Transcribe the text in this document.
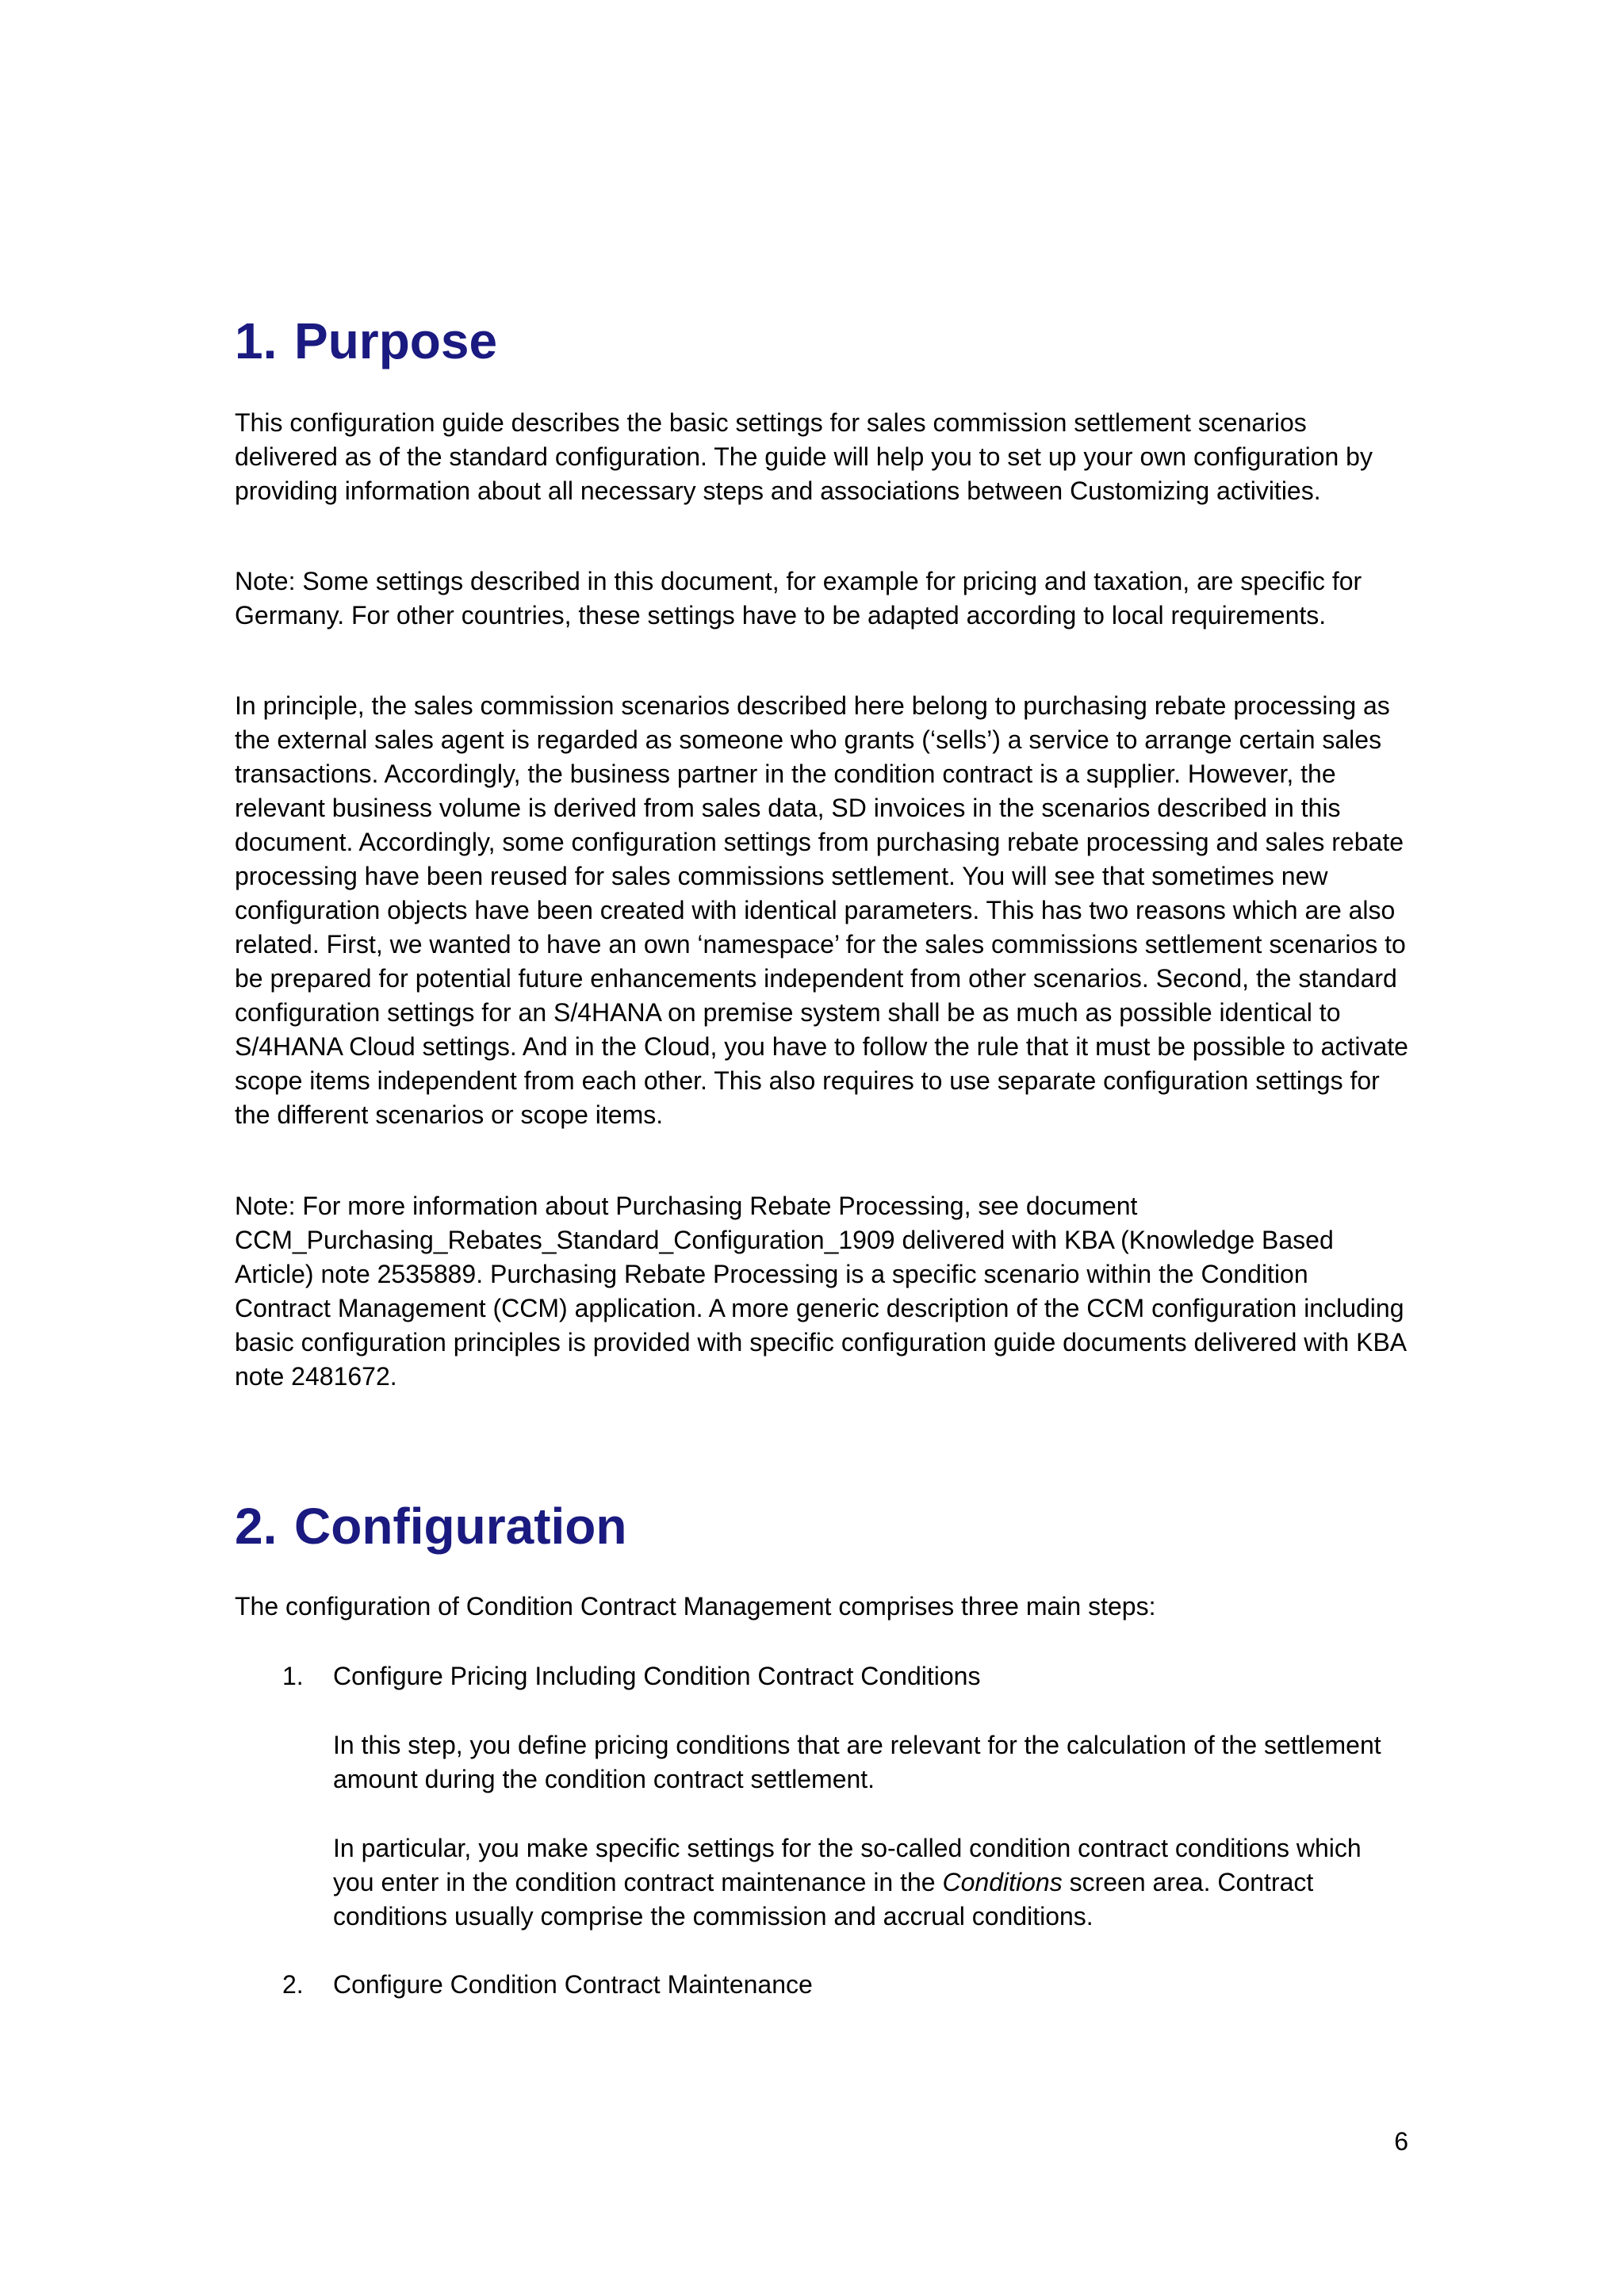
1. Purpose

This configuration guide describes the basic settings for sales commission settlement scenarios delivered as of the standard configuration. The guide will help you to set up your own configuration by providing information about all necessary steps and associations between Customizing activities.

Note: Some settings described in this document, for example for pricing and taxation, are specific for Germany. For other countries, these settings have to be adapted according to local requirements.

In principle, the sales commission scenarios described here belong to purchasing rebate processing as the external sales agent is regarded as someone who grants (‘sells’) a service to arrange certain sales transactions. Accordingly, the business partner in the condition contract is a supplier. However, the relevant business volume is derived from sales data, SD invoices in the scenarios described in this document. Accordingly, some configuration settings from purchasing rebate processing and sales rebate processing have been reused for sales commissions settlement. You will see that sometimes new configuration objects have been created with identical parameters. This has two reasons which are also related. First, we wanted to have an own ‘namespace’ for the sales commissions settlement scenarios to be prepared for potential future enhancements independent from other scenarios. Second, the standard configuration settings for an S/4HANA on premise system shall be as much as possible identical to S/4HANA Cloud settings. And in the Cloud, you have to follow the rule that it must be possible to activate scope items independent from each other. This also requires to use separate configuration settings for the different scenarios or scope items.

Note: For more information about Purchasing Rebate Processing, see document CCM_Purchasing_Rebates_Standard_Configuration_1909 delivered with KBA (Knowledge Based Article) note 2535889. Purchasing Rebate Processing is a specific scenario within the Condition Contract Management (CCM) application. A more generic description of the CCM configuration including basic configuration principles is provided with specific configuration guide documents delivered with KBA note 2481672.

2. Configuration

The configuration of Condition Contract Management comprises three main steps:

1. Configure Pricing Including Condition Contract Conditions

In this step, you define pricing conditions that are relevant for the calculation of the settlement amount during the condition contract settlement.

In particular, you make specific settings for the so-called condition contract conditions which you enter in the condition contract maintenance in the Conditions screen area. Contract conditions usually comprise the commission and accrual conditions.

2. Configure Condition Contract Maintenance
6
